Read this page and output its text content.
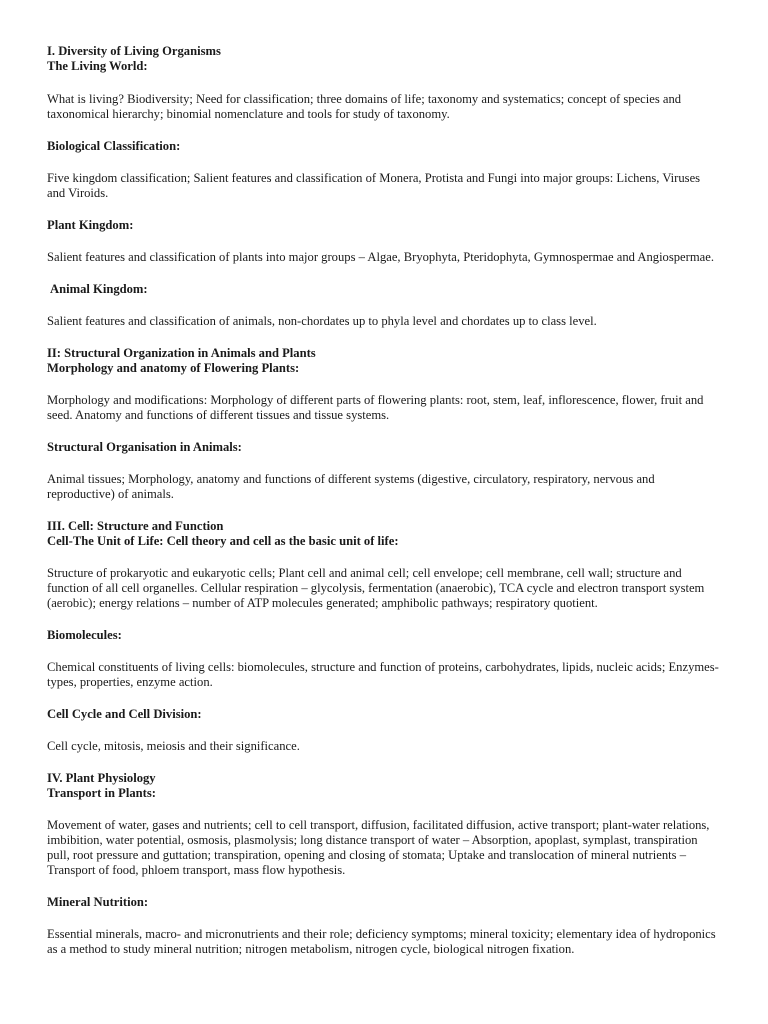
I. Diversity of Living Organisms
The Living World:
What is living? Biodiversity; Need for classification; three domains of life; taxonomy and systematics; concept of species and taxonomical hierarchy; binomial nomenclature and tools for study of taxonomy.
Biological Classification:
Five kingdom classification; Salient features and classification of Monera, Protista and Fungi into major groups: Lichens, Viruses and Viroids.
Plant Kingdom:
Salient features and classification of plants into major groups – Algae, Bryophyta, Pteridophyta, Gymnospermae and Angiospermae.
Animal Kingdom:
Salient features and classification of animals, non-chordates up to phyla level and chordates up to class level.
II: Structural Organization in Animals and Plants
Morphology and anatomy of Flowering Plants:
Morphology and modifications: Morphology of different parts of flowering plants: root, stem, leaf, inflorescence, flower, fruit and seed. Anatomy and functions of different tissues and tissue systems.
Structural Organisation in Animals:
Animal tissues; Morphology, anatomy and functions of different systems (digestive, circulatory, respiratory, nervous and reproductive) of animals.
III. Cell: Structure and Function
Cell-The Unit of Life: Cell theory and cell as the basic unit of life:
Structure of prokaryotic and eukaryotic cells; Plant cell and animal cell; cell envelope; cell membrane, cell wall; structure and function of all cell organelles. Cellular respiration – glycolysis, fermentation (anaerobic), TCA cycle and electron transport system (aerobic); energy relations – number of ATP molecules generated; amphibolic pathways; respiratory quotient.
Biomolecules:
Chemical constituents of living cells: biomolecules, structure and function of proteins, carbohydrates, lipids, nucleic acids; Enzymes- types, properties, enzyme action.
Cell Cycle and Cell Division:
Cell cycle, mitosis, meiosis and their significance.
IV. Plant Physiology
Transport in Plants:
Movement of water, gases and nutrients; cell to cell transport, diffusion, facilitated diffusion, active transport; plant-water relations, imbibition, water potential, osmosis, plasmolysis; long distance transport of water – Absorption, apoplast, symplast, transpiration pull, root pressure and guttation; transpiration, opening and closing of stomata; Uptake and translocation of mineral nutrients – Transport of food, phloem transport, mass flow hypothesis.
Mineral Nutrition:
Essential minerals, macro- and micronutrients and their role; deficiency symptoms; mineral toxicity; elementary idea of hydroponics as a method to study mineral nutrition; nitrogen metabolism, nitrogen cycle, biological nitrogen fixation.
